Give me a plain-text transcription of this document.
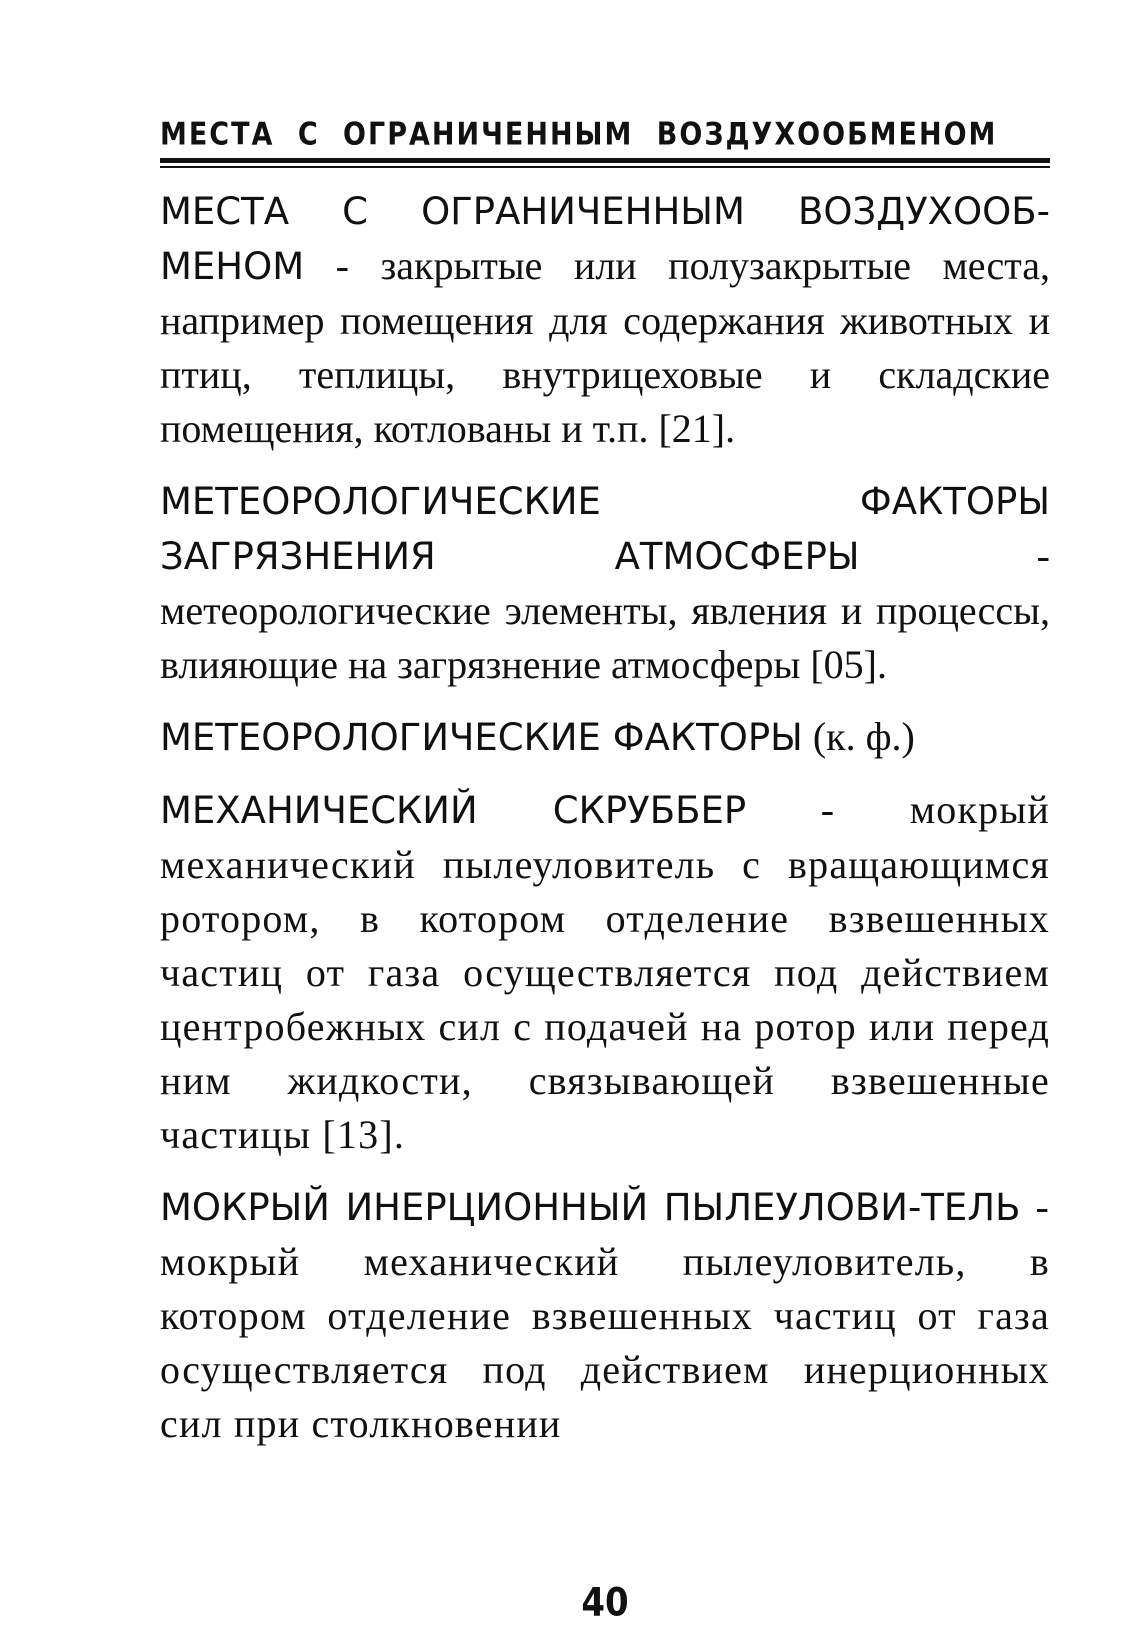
МЕСТА С ОГРАНИЧЕННЫМ ВОЗДУХООБМЕНОМ

МЕСТА С ОГРАНИЧЕННЫМ ВОЗДУХООБ-МЕНОМ - закрытые или полузакрытые места, например помещения для содержания животных и птиц, теплицы, внутрицеховые и складские помещения, котлованы и т.п. [21].

МЕТЕОРОЛОГИЧЕСКИЕ ФАКТОРЫ ЗАГРЯЗНЕНИЯ АТМОСФЕРЫ - метеорологические элементы, явления и процессы, влияющие на загрязнение атмосферы [05].

МЕТЕОРОЛОГИЧЕСКИЕ ФАКТОРЫ (к. ф.)

МЕХАНИЧЕСКИЙ СКРУББЕР - мокрый механический пылеуловитель с вращающимся ротором, в котором отделение взвешенных частиц от газа осуществляется под действием центробежных сил с подачей на ротор или перед ним жидкости, связывающей взвешенные частицы [13].

МОКРЫЙ ИНЕРЦИОННЫЙ ПЫЛЕУЛОВИ-ТЕЛЬ - мокрый механический пылеуловитель, в котором отделение взвешенных частиц от газа осуществляется под действием инерционных сил при столкновении

40
